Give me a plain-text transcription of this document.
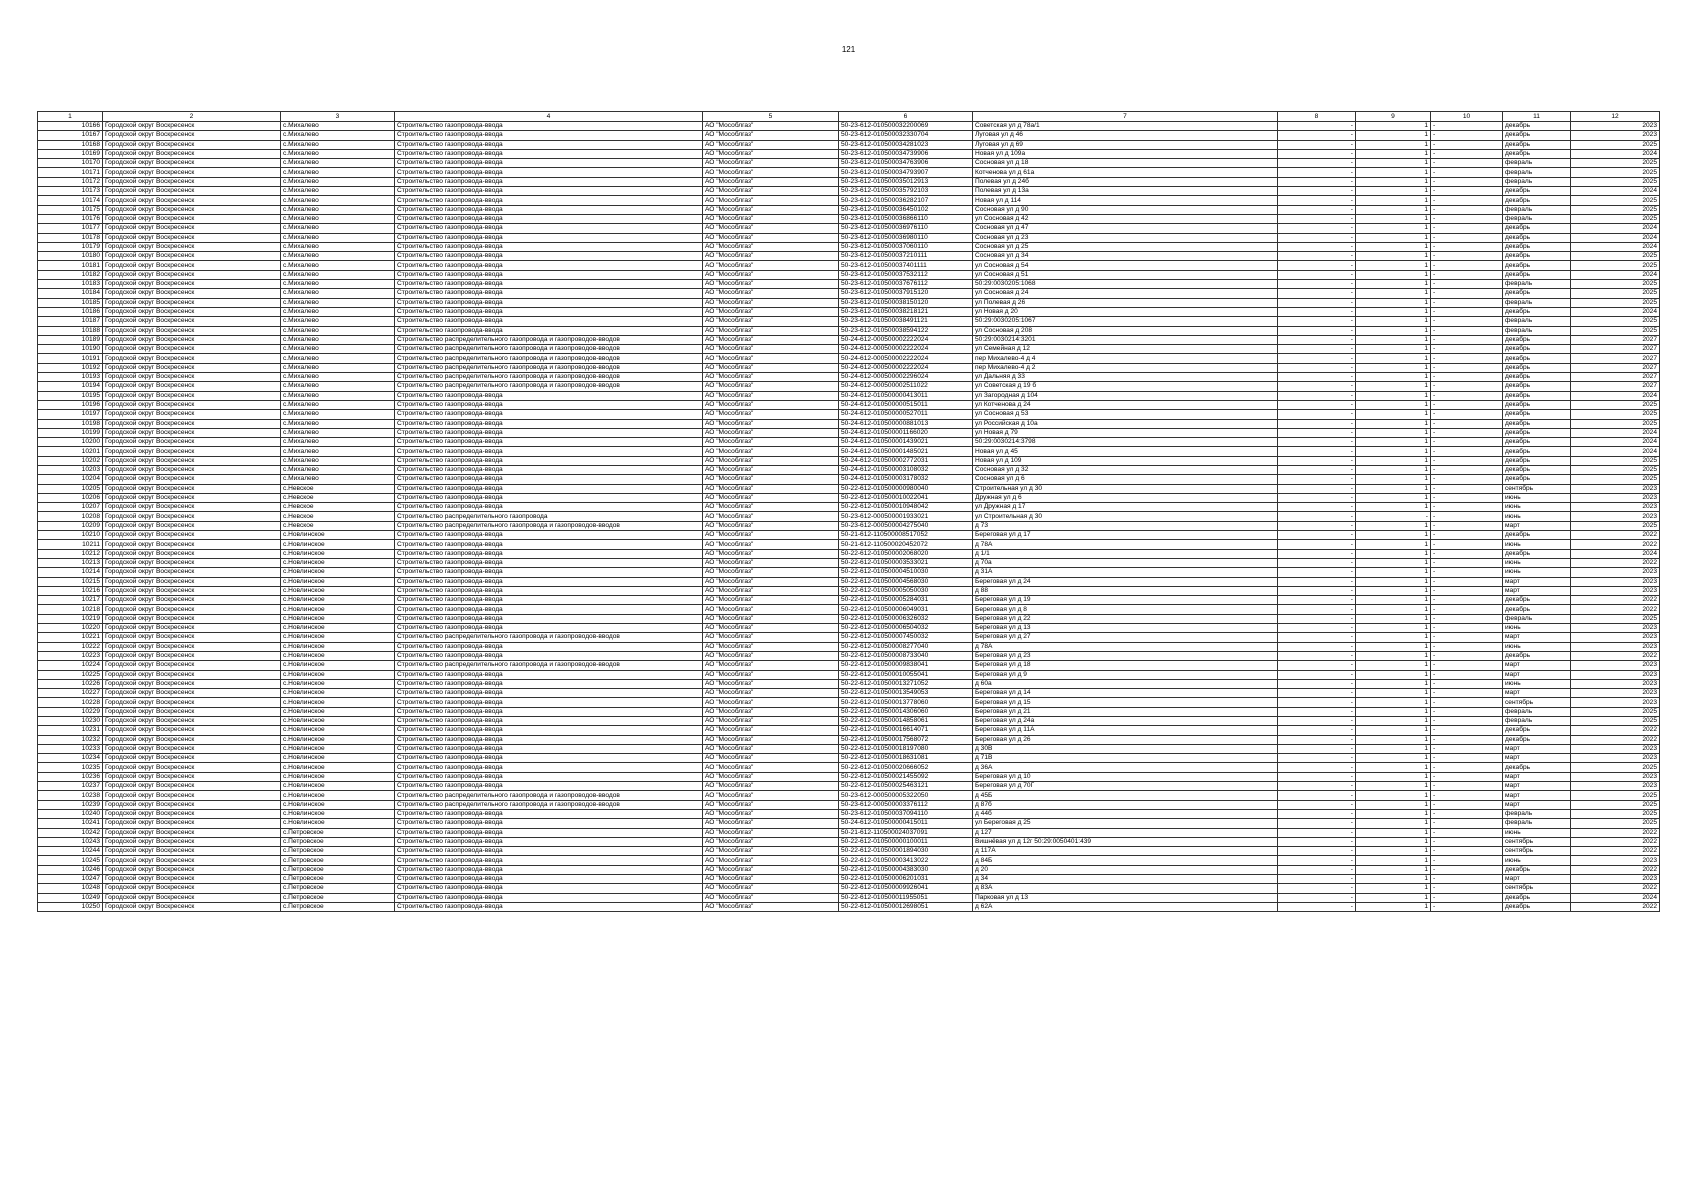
121
1	2	3	4	5	6	7	8	9	10	11	12
10166	Городской округ Воскресенск	с.Михалево	Строительство газопровода-ввода	АО "Мособлгаз"	50-23-612-010500032200069	Советская ул д 78а/1	-	1	-	декабрь	2023
10167	Городской округ Воскресенск	с.Михалево	Строительство газопровода-ввода	АО "Мособлгаз"	50-23-612-010500032330704	Луговая ул д 46	-	1	-	декабрь	2023
10168	Городской округ Воскресенск	с.Михалево	Строительство газопровода-ввода	АО "Мособлгаз"	50-23-612-010500034281023	Луговая ул д 69	-	1	-	декабрь	2025
10169	Городской округ Воскресенск	с.Михалево	Строительство газопровода-ввода	АО "Мособлгаз"	50-23-612-010500034739906	Новая ул д 109а	-	1	-	декабрь	2024
10170	Городской округ Воскресенск	с.Михалево	Строительство газопровода-ввода	АО "Мособлгаз"	50-23-612-010500034763906	Сосновая ул д 18	-	1	-	февраль	2025
10171	Городской округ Воскресенск	с.Михалево	Строительство газопровода-ввода	АО "Мособлгаз"	50-23-612-010500034793907	Котченова ул д 61а	-	1	-	февраль	2025
10172	Городской округ Воскресенск	с.Михалево	Строительство газопровода-ввода	АО "Мособлгаз"	50-23-612-010500035012913	Полевая ул д 24б	-	1	-	февраль	2025
10173	Городской округ Воскресенск	с.Михалево	Строительство газопровода-ввода	АО "Мособлгаз"	50-23-612-010500035792103	Полевая ул д 13а	-	1	-	декабрь	2024
10174	Городской округ Воскресенск	с.Михалево	Строительство газопровода-ввода	АО "Мособлгаз"	50-23-612-010500036282107	Новая ул д 114	-	1	-	декабрь	2025
10175	Городской округ Воскресенск	с.Михалево	Строительство газопровода-ввода	АО "Мособлгаз"	50-23-612-010500036450102	Сосновая ул д 90	-	1	-	февраль	2025
10176	Городской округ Воскресенск	с.Михалево	Строительство газопровода-ввода	АО "Мособлгаз"	50-23-612-010500036866110	ул Сосновая д 42	-	1	-	февраль	2025
10177	Городской округ Воскресенск	с.Михалево	Строительство газопровода-ввода	АО "Мособлгаз"	50-23-612-010500036976110	Сосновая ул д 47	-	1	-	декабрь	2024
10178	Городской округ Воскресенск	с.Михалево	Строительство газопровода-ввода	АО "Мособлгаз"	50-23-612-010500036980110	Сосновая ул д 23	-	1	-	декабрь	2024
10179	Городской округ Воскресенск	с.Михалево	Строительство газопровода-ввода	АО "Мособлгаз"	50-23-612-010500037060110	Сосновая ул д 25	-	1	-	декабрь	2024
10180	Городской округ Воскресенск	с.Михалево	Строительство газопровода-ввода	АО "Мособлгаз"	50-23-612-010500037210111	Сосновая ул д 34	-	1	-	декабрь	2025
10181	Городской округ Воскресенск	с.Михалево	Строительство газопровода-ввода	АО "Мособлгаз"	50-23-612-010500037401111	ул Сосновая д 54	-	1	-	декабрь	2025
10182	Городской округ Воскресенск	с.Михалево	Строительство газопровода-ввода	АО "Мособлгаз"	50-23-612-010500037532112	ул Сосновая д 51	-	1	-	декабрь	2024
10183	Городской округ Воскресенск	с.Михалево	Строительство газопровода-ввода	АО "Мособлгаз"	50-23-612-010500037676112	50:29:0030205:1068	-	1	-	февраль	2025
10184	Городской округ Воскресенск	с.Михалево	Строительство газопровода-ввода	АО "Мособлгаз"	50-23-612-010500037915120	ул Сосновая д 24	-	1	-	декабрь	2025
10185	Городской округ Воскресенск	с.Михалево	Строительство газопровода-ввода	АО "Мособлгаз"	50-23-612-010500038150120	ул Полевая д 26	-	1	-	февраль	2025
10186	Городской округ Воскресенск	с.Михалево	Строительство газопровода-ввода	АО "Мособлгаз"	50-23-612-010500038218121	ул Новая д 20	-	1	-	декабрь	2024
10187	Городской округ Воскресенск	с.Михалево	Строительство газопровода-ввода	АО "Мособлгаз"	50-23-612-010500038491121	50:29:0030205:1067	-	1	-	февраль	2025
10188	Городской округ Воскресенск	с.Михалево	Строительство газопровода-ввода	АО "Мособлгаз"	50-23-612-010500038594122	ул Сосновая д 208	-	1	-	февраль	2025
10189	Городской округ Воскресенск	с.Михалево	Строительство распределительного газопровода и газопроводов-вводов	АО "Мособлгаз"	50-24-612-000500002222024	50:29:0030214:3201	-	1	-	декабрь	2027
10190	Городской округ Воскресенск	с.Михалево	Строительство распределительного газопровода и газопроводов-вводов	АО "Мособлгаз"	50-24-612-000500002222024	ул Семейная д 12	-	1	-	декабрь	2027
10191	Городской округ Воскресенск	с.Михалево	Строительство распределительного газопровода и газопроводов-вводов	АО "Мособлгаз"	50-24-612-000500002222024	пер Михалево-4 д 4	-	1	-	декабрь	2027
10192	Городской округ Воскресенск	с.Михалево	Строительство распределительного газопровода и газопроводов-вводов	АО "Мособлгаз"	50-24-612-000500002222024	пер Михалево-4 д 2	-	1	-	декабрь	2027
10193	Городской округ Воскресенск	с.Михалево	Строительство распределительного газопровода и газопроводов-вводов	АО "Мособлгаз"	50-24-612-000500002296024	ул Дальняя д 33	-	1	-	декабрь	2027
10194	Городской округ Воскресенск	с.Михалево	Строительство распределительного газопровода и газопроводов-вводов	АО "Мособлгаз"	50-24-612-000500002511022	ул Советская д 19 б	-	1	-	декабрь	2027
10195	Городской округ Воскресенск	с.Михалево	Строительство газопровода-ввода	АО "Мособлгаз"	50-24-612-010500000413011	ул Загородная д 104	-	1	-	декабрь	2024
10196	Городской округ Воскресенск	с.Михалево	Строительство газопровода-ввода	АО "Мособлгаз"	50-24-612-010500000515011	ул Котченова д 24	-	1	-	декабрь	2025
10197	Городской округ Воскресенск	с.Михалево	Строительство газопровода-ввода	АО "Мособлгаз"	50-24-612-010500000527011	ул Сосновая д 53	-	1	-	декабрь	2025
10198	Городской округ Воскресенск	с.Михалево	Строительство газопровода-ввода	АО "Мособлгаз"	50-24-612-010500000881013	ул Российская д 10а	-	1	-	декабрь	2025
10199	Городской округ Воскресенск	с.Михалево	Строительство газопровода-ввода	АО "Мособлгаз"	50-24-612-010500001166020	ул Новая д 79	-	1	-	декабрь	2024
10200	Городской округ Воскресенск	с.Михалево	Строительство газопровода-ввода	АО "Мособлгаз"	50-24-612-010500001439021	50:29:0030214:3798	-	1	-	декабрь	2024
10201	Городской округ Воскресенск	с.Михалево	Строительство газопровода-ввода	АО "Мособлгаз"	50-24-612-010500001485021	Новая ул д 45	-	1	-	декабрь	2024
10202	Городской округ Воскресенск	с.Михалево	Строительство газопровода-ввода	АО "Мособлгаз"	50-24-612-010500002772031	Новая ул д 109	-	1	-	декабрь	2025
10203	Городской округ Воскресенск	с.Михалево	Строительство газопровода-ввода	АО "Мособлгаз"	50-24-612-010500003108032	Сосновая ул д 32	-	1	-	декабрь	2025
10204	Городской округ Воскресенск	с.Михалево	Строительство газопровода-ввода	АО "Мособлгаз"	50-24-612-010500003178032	Сосновая ул д 6	-	1	-	декабрь	2025
10205	Городской округ Воскресенск	с.Невское	Строительство газопровода-ввода	АО "Мособлгаз"	50-22-612-010500000980040	Строительная ул д 30	-	1	-	сентябрь	2023
10206	Городской округ Воскресенск	с.Невское	Строительство газопровода-ввода	АО "Мособлгаз"	50-22-612-010500010022041	Дружная ул д 6	-	1	-	июнь	2023
10207	Городской округ Воскресенск	с.Невское	Строительство газопровода-ввода	АО "Мособлгаз"	50-22-612-010500010948042	ул Дружная д 17	-	1	-	июнь	2023
10208	Городской округ Воскресенск	с.Невское	Строительство распределительного газопровода	АО "Мособлгаз"	50-23-612-000500001933021	ул Строительная д 30	-	-	-	июнь	2023
10209	Городской округ Воскресенск	с.Невское	Строительство распределительного газопровода и газопроводов-вводов	АО "Мособлгаз"	50-23-612-000500004275040	д 73	-	1	-	март	2025
10210	Городской округ Воскресенск	с.Новлинское	Строительство газопровода-ввода	АО "Мособлгаз"	50-21-612-110500008517052	Береговая ул д 17	-	1	-	декабрь	2022
10211	Городской округ Воскресенск	с.Новлинское	Строительство газопровода-ввода	АО "Мособлгаз"	50-21-612-110500020452072	д 78А	-	1	-	июнь	2022
10212	Городской округ Воскресенск	с.Новлинское	Строительство газопровода-ввода	АО "Мособлгаз"	50-22-612-010500002068020	д 1/1	-	1	-	декабрь	2024
10213	Городской округ Воскресенск	с.Новлинское	Строительство газопровода-ввода	АО "Мособлгаз"	50-22-612-010500003533021	д 70а	-	1	-	июнь	2022
10214	Городской округ Воскресенск	с.Новлинское	Строительство газопровода-ввода	АО "Мособлгаз"	50-22-612-010500004510030	д 31А	-	1	-	июнь	2023
10215	Городской округ Воскресенск	с.Новлинское	Строительство газопровода-ввода	АО "Мособлгаз"	50-22-612-010500004568030	Береговая ул д 24	-	1	-	март	2023
10216	Городской округ Воскресенск	с.Новлинское	Строительство газопровода-ввода	АО "Мособлгаз"	50-22-612-010500005050030	д 88	-	1	-	март	2023
10217	Городской округ Воскресенск	с.Новлинское	Строительство газопровода-ввода	АО "Мособлгаз"	50-22-612-010500005284031	Береговая ул д 19	-	1	-	декабрь	2022
10218	Городской округ Воскресенск	с.Новлинское	Строительство газопровода-ввода	АО "Мособлгаз"	50-22-612-010500006049031	Береговая ул д 8	-	1	-	декабрь	2022
10219	Городской округ Воскресенск	с.Новлинское	Строительство газопровода-ввода	АО "Мособлгаз"	50-22-612-010500006326032	Береговая ул д 22	-	1	-	февраль	2025
10220	Городской округ Воскресенск	с.Новлинское	Строительство газопровода-ввода	АО "Мособлгаз"	50-22-612-010500006504032	Береговая ул д 13	-	1	-	июнь	2023
10221	Городской округ Воскресенск	с.Новлинское	Строительство распределительного газопровода и газопроводов-вводов	АО "Мособлгаз"	50-22-612-010500007450032	Береговая ул д 27	-	1	-	март	2023
10222	Городской округ Воскресенск	с.Новлинское	Строительство газопровода-ввода	АО "Мособлгаз"	50-22-612-010500008277040	д 78А	-	1	-	июнь	2023
10223	Городской округ Воскресенск	с.Новлинское	Строительство газопровода-ввода	АО "Мособлгаз"	50-22-612-010500008733040	Береговая ул д 23	-	1	-	декабрь	2022
10224	Городской округ Воскресенск	с.Новлинское	Строительство распределительного газопровода и газопроводов-вводов	АО "Мособлгаз"	50-22-612-010500009838041	Береговая ул д 18	-	1	-	март	2023
10225	Городской округ Воскресенск	с.Новлинское	Строительство газопровода-ввода	АО "Мособлгаз"	50-22-612-010500010055041	Береговая ул д 9	-	1	-	март	2023
10226	Городской округ Воскресенск	с.Новлинское	Строительство газопровода-ввода	АО "Мособлгаз"	50-22-612-010500013271052	д 60а	-	1	-	июнь	2023
10227	Городской округ Воскресенск	с.Новлинское	Строительство газопровода-ввода	АО "Мособлгаз"	50-22-612-010500013549053	Береговая ул д 14	-	1	-	март	2023
10228	Городской округ Воскресенск	с.Новлинское	Строительство газопровода-ввода	АО "Мособлгаз"	50-22-612-010500013778060	Береговая ул д 15	-	1	-	сентябрь	2023
10229	Городской округ Воскресенск	с.Новлинское	Строительство газопровода-ввода	АО "Мособлгаз"	50-22-612-010500014306060	Береговая ул д 21	-	1	-	февраль	2025
10230	Городской округ Воскресенск	с.Новлинское	Строительство газопровода-ввода	АО "Мособлгаз"	50-22-612-010500014858061	Береговая ул д 24а	-	1	-	февраль	2025
10231	Городской округ Воскресенск	с.Новлинское	Строительство газопровода-ввода	АО "Мособлгаз"	50-22-612-010500016614071	Береговая ул д 11А	-	1	-	декабрь	2022
10232	Городской округ Воскресенск	с.Новлинское	Строительство газопровода-ввода	АО "Мособлгаз"	50-22-612-010500017568072	Береговая ул д 26	-	1	-	декабрь	2022
10233	Городской округ Воскресенск	с.Новлинское	Строительство газопровода-ввода	АО "Мособлгаз"	50-22-612-010500018197080	д 30В	-	1	-	март	2023
10234	Городской округ Воскресенск	с.Новлинское	Строительство газопровода-ввода	АО "Мособлгаз"	50-22-612-010500018631081	д 71В	-	1	-	март	2023
10235	Городской округ Воскресенск	с.Новлинское	Строительство газопровода-ввода	АО "Мособлгаз"	50-22-612-010500020666052	д 36А	-	1	-	декабрь	2025
10236	Городской округ Воскресенск	с.Новлинское	Строительство газопровода-ввода	АО "Мособлгаз"	50-22-612-010500021455092	Береговая ул д 10	-	1	-	март	2023
10237	Городской округ Воскресенск	с.Новлинское	Строительство газопровода-ввода	АО "Мособлгаз"	50-22-612-010500025463121	Береговая ул д 70Г	-	1	-	март	2023
10238	Городской округ Воскресенск	с.Новлинское	Строительство распределительного газопровода и газопроводов-вводов	АО "Мособлгаз"	50-23-612-000500005322050	д 45Б	-	1	-	март	2025
10239	Городской округ Воскресенск	с.Новлинское	Строительство распределительного газопровода и газопроводов-вводов	АО "Мособлгаз"	50-23-612-000500003376112	д 87б	-	1	-	март	2025
10240	Городской округ Воскресенск	с.Новлинское	Строительство газопровода-ввода	АО "Мособлгаз"	50-23-612-010500037094110	д 44б	-	1	-	февраль	2025
10241	Городской округ Воскресенск	с.Новлинское	Строительство газопровода-ввода	АО "Мособлгаз"	50-24-612-010500000415011	ул Береговая д 25	-	1	-	февраль	2025
10242	Городской округ Воскресенск	с.Петровское	Строительство газопровода-ввода	АО "Мособлгаз"	50-21-612-110500024037091	д 127	-	1	-	июнь	2022
10243	Городской округ Воскресенск	с.Петровское	Строительство газопровода-ввода	АО "Мособлгаз"	50-22-612-010500000100011	Вишнёвая ул д 12г 50:29:0050401:439	-	1	-	сентябрь	2022
10244	Городской округ Воскресенск	с.Петровское	Строительство газопровода-ввода	АО "Мособлгаз"	50-22-612-010500001894030	д 117А	-	1	-	сентябрь	2022
10245	Городской округ Воскресенск	с.Петровское	Строительство газопровода-ввода	АО "Мособлгаз"	50-22-612-010500003413022	д 84Б	-	1	-	июнь	2023
10246	Городской округ Воскресенск	с.Петровское	Строительство газопровода-ввода	АО "Мособлгаз"	50-22-612-010500004383030	д 20	-	1	-	декабрь	2022
10247	Городской округ Воскресенск	с.Петровское	Строительство газопровода-ввода	АО "Мособлгаз"	50-22-612-010500006201031	д 34	-	1	-	март	2023
10248	Городской округ Воскресенск	с.Петровское	Строительство газопровода-ввода	АО "Мособлгаз"	50-22-612-010500009926041	д 83А	-	1	-	сентябрь	2022
10249	Городской округ Воскресенск	с.Петровское	Строительство газопровода-ввода	АО "Мособлгаз"	50-22-612-010500011955051	Парковая ул д 13	-	1	-	декабрь	2024
10250	Городской округ Воскресенск	с.Петровское	Строительство газопровода-ввода	АО "Мособлгаз"	50-22-612-010500012698051	д 62А	-	1	-	декабрь	2022
